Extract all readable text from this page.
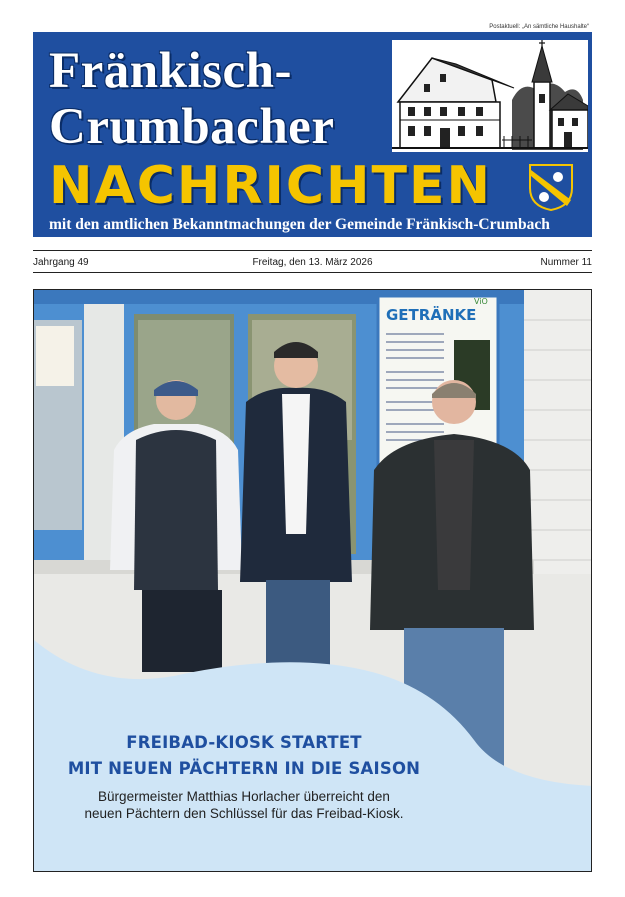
Postaktuell: „An sämtliche Haushalte“
Fränkisch-
Crumbacher
NACHRICHTEN
mit den amtlichen Bekanntmachungen der Gemeinde Fränkisch-Crumbach
Jahrgang 49	Freitag, den 13. März 2026	Nummer 11
GETRÄNKE
ViO
FREIBAD-KIOSK STARTET
MIT NEUEN PÄCHTERN IN DIE SAISON
Bürgermeister Matthias Horlacher überreicht den
neuen Pächtern den Schlüssel für das Freibad-Kiosk.
